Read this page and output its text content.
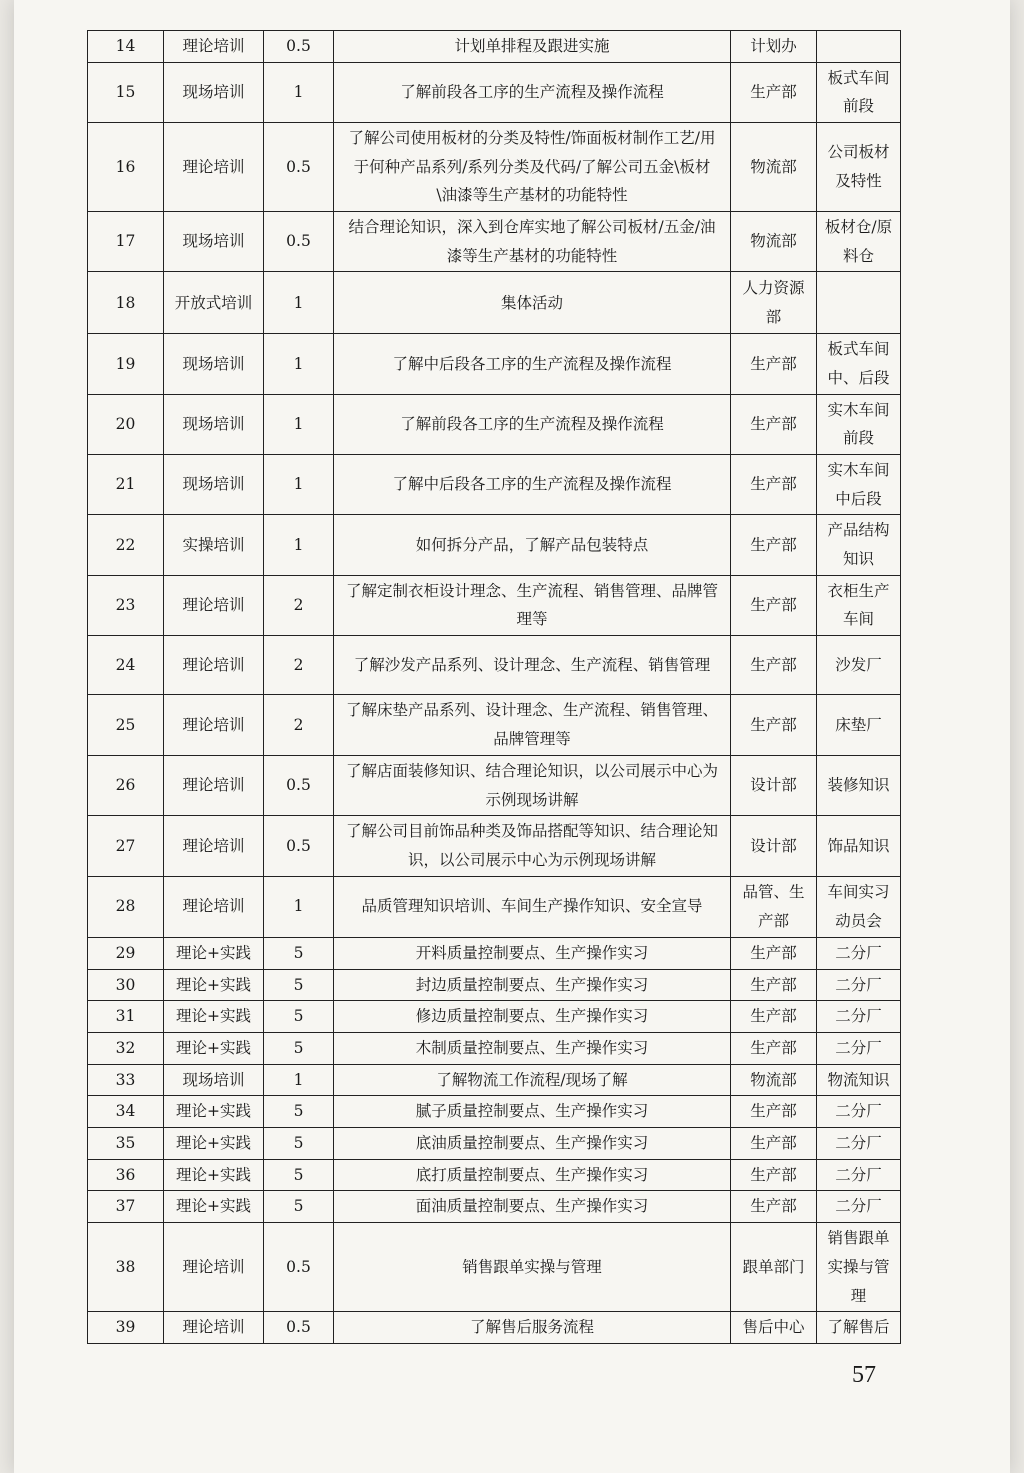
14	理论培训	0.5	计划单排程及跟进实施	计划办	
15	现场培训	1	了解前段各工序的生产流程及操作流程	生产部	板式车间前段
16	理论培训	0.5	了解公司使用板材的分类及特性/饰面板材制作工艺/用于何种产品系列/系列分类及代码/了解公司五金\板材\油漆等生产基材的功能特性	物流部	公司板材及特性
17	现场培训	0.5	结合理论知识，深入到仓库实地了解公司板材/五金/油漆等生产基材的功能特性	物流部	板材仓/原料仓
18	开放式培训	1	集体活动	人力资源部	
19	现场培训	1	了解中后段各工序的生产流程及操作流程	生产部	板式车间中、后段
20	现场培训	1	了解前段各工序的生产流程及操作流程	生产部	实木车间前段
21	现场培训	1	了解中后段各工序的生产流程及操作流程	生产部	实木车间中后段
22	实操培训	1	如何拆分产品，了解产品包装特点	生产部	产品结构知识
23	理论培训	2	了解定制衣柜设计理念、生产流程、销售管理、品牌管理等	生产部	衣柜生产车间
24	理论培训	2	了解沙发产品系列、设计理念、生产流程、销售管理	生产部	沙发厂
25	理论培训	2	了解床垫产品系列、设计理念、生产流程、销售管理、品牌管理等	生产部	床垫厂
26	理论培训	0.5	了解店面装修知识、结合理论知识，以公司展示中心为示例现场讲解	设计部	装修知识
27	理论培训	0.5	了解公司目前饰品种类及饰品搭配等知识、结合理论知识，以公司展示中心为示例现场讲解	设计部	饰品知识
28	理论培训	1	品质管理知识培训、车间生产操作知识、安全宣导	品管、生产部	车间实习动员会
29	理论+实践	5	开料质量控制要点、生产操作实习	生产部	二分厂
30	理论+实践	5	封边质量控制要点、生产操作实习	生产部	二分厂
31	理论+实践	5	修边质量控制要点、生产操作实习	生产部	二分厂
32	理论+实践	5	木制质量控制要点、生产操作实习	生产部	二分厂
33	现场培训	1	了解物流工作流程/现场了解	物流部	物流知识
34	理论+实践	5	腻子质量控制要点、生产操作实习	生产部	二分厂
35	理论+实践	5	底油质量控制要点、生产操作实习	生产部	二分厂
36	理论+实践	5	底打质量控制要点、生产操作实习	生产部	二分厂
37	理论+实践	5	面油质量控制要点、生产操作实习	生产部	二分厂
38	理论培训	0.5	销售跟单实操与管理	跟单部门	销售跟单实操与管理
39	理论培训	0.5	了解售后服务流程	售后中心	了解售后
57
